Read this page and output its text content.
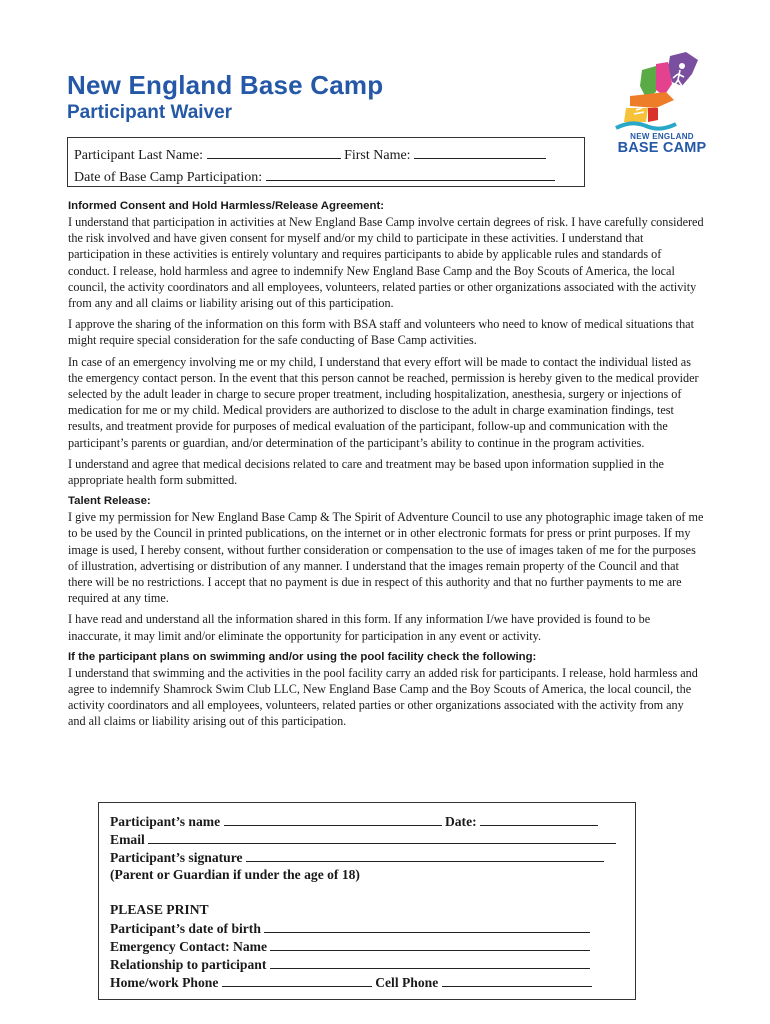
New England Base Camp
Participant Waiver
NEW ENGLAND
BASE CAMP
Participant Last Name:	First Name:
Date of Base Camp Participation:
Informed Consent and Hold Harmless/Release Agreement:

I understand that participation in activities at New England Base Camp involve certain degrees of risk. I have carefully considered the risk involved and have given consent for myself and/or my child to participate in these activities. I understand that participation in these activities is entirely voluntary and requires participants to abide by applicable rules and standards of conduct. I release, hold harmless and agree to indemnify New England Base Camp and the Boy Scouts of America, the local council, the activity coordinators and all employees, volunteers, related parties or other organizations associated with the activity from any and all claims or liability arising out of this participation.

I approve the sharing of the information on this form with BSA staff and volunteers who need to know of medical situations that might require special consideration for the safe conducting of Base Camp activities.

In case of an emergency involving me or my child, I understand that every effort will be made to contact the individual listed as the emergency contact person. In the event that this person cannot be reached, permission is hereby given to the medical provider selected by the adult leader in charge to secure proper treatment, including hospitalization, anesthesia, surgery or injections of medication for me or my child. Medical providers are authorized to disclose to the adult in charge examination findings, test results, and treatment provide for purposes of medical evaluation of the participant, follow-up and communication with the participant’s parents or guardian, and/or determination of the participant’s ability to continue in the program activities.

I understand and agree that medical decisions related to care and treatment may be based upon information supplied in the appropriate health form submitted.

Talent Release:

I give my permission for New England Base Camp & The Spirit of Adventure Council to use any photographic image taken of me to be used by the Council in printed publications, on the internet or in other electronic formats for press or print purposes. If my image is used, I hereby consent, without further consideration or compensation to the use of images taken of me for the purposes of illustration, advertising or distribution of any manner. I understand that the images remain property of the Council and that there will be no restrictions. I accept that no payment is due in respect of this authority and that no further payments to me are required at any time.

I have read and understand all the information shared in this form. If any information I/we have provided is found to be inaccurate, it may limit and/or eliminate the opportunity for participation in any event or activity.

If the participant plans on swimming and/or using the pool facility check the following:

I understand that swimming and the activities in the pool facility carry an added risk for participants. I release, hold harmless and agree to indemnify Shamrock Swim Club LLC, New England Base Camp and the Boy Scouts of America, the local council, the activity coordinators and all employees, volunteers, related parties or other organizations associated with the activity from any and all claims or liability arising out of this participation.

Participant’s name	Date:
Email
Participant’s signature
(Parent or Guardian if under the age of 18)
PLEASE PRINT
Participant’s date of birth
Emergency Contact: Name
Relationship to participant
Home/work Phone	Cell Phone
